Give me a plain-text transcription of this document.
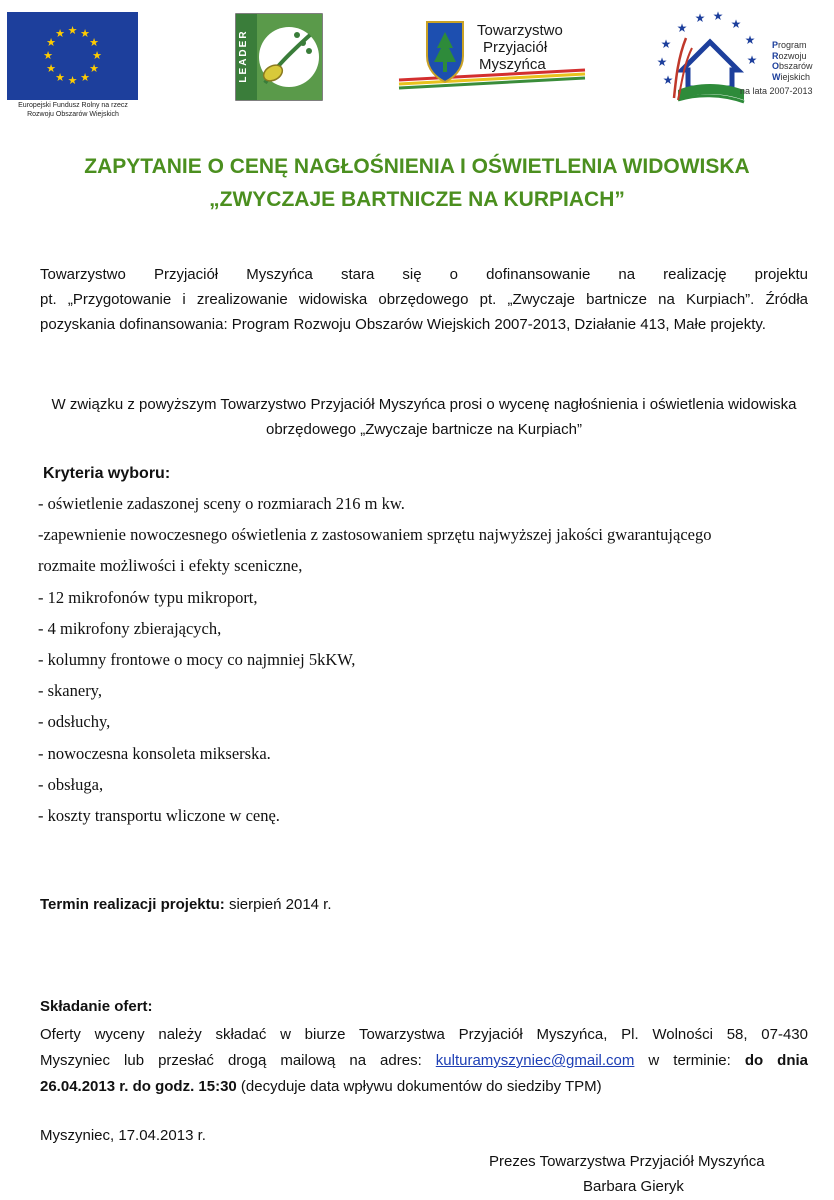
★ ★
★
★
★
★
★
★
★
★
★
★
Europejski Fundusz Rolny na rzecz
Rozwoju Obszarów Wiejskich
LEADER	Towarzystwo
Przyjaciół
Myszyńca
★
★
★
★
★ ★
★
★
★
Program
Rozwoju
Obszarów
Wiejskich
na lata 2007-2013
ZAPYTANIE O CENĘ NAGŁOŚNIENIA I OŚWIETLENIA WIDOWISKA
„ZWYCZAJE BARTNICZE NA KURPIACH”
Towarzystwo Przyjaciół Myszyńca stara się o dofinansowanie na realizację projektu
pt. „Przygotowanie i zrealizowanie widowiska obrzędowego pt. „Zwyczaje bartnicze na Kurpiach”. Źródła pozyskania dofinansowania: Program Rozwoju Obszarów Wiejskich 2007-2013, Działanie 413, Małe projekty.
W związku z powyższym Towarzystwo Przyjaciół Myszyńca prosi o wycenę nagłośnienia i oświetlenia widowiska obrzędowego „Zwyczaje bartnicze na Kurpiach”
Kryteria wyboru:
- oświetlenie zadaszonej sceny o rozmiarach 216 m kw.
-zapewnienie nowoczesnego oświetlenia z zastosowaniem sprzętu najwyższej jakości gwarantującego
rozmaite możliwości i efekty sceniczne,
- 12 mikrofonów typu mikroport,
- 4 mikrofony zbierających,
- kolumny frontowe o mocy co najmniej 5kKW,
- skanery,
- odsłuchy,
- nowoczesna konsoleta mikserska.
- obsługa,
- koszty transportu wliczone w cenę.
Termin realizacji projektu: sierpień 2014 r.
Składanie ofert:
Oferty wyceny należy składać w biurze Towarzystwa Przyjaciół Myszyńca, Pl. Wolności 58, 07-430
Myszyniec lub przesłać drogą mailową na adres: kulturamyszyniec@gmail.com w terminie: do dnia
26.04.2013 r. do godz. 15:30 (decyduje data wpływu dokumentów do siedziby TPM)
Myszyniec, 17.04.2013 r.
Prezes Towarzystwa Przyjaciół Myszyńca
Barbara Gieryk
